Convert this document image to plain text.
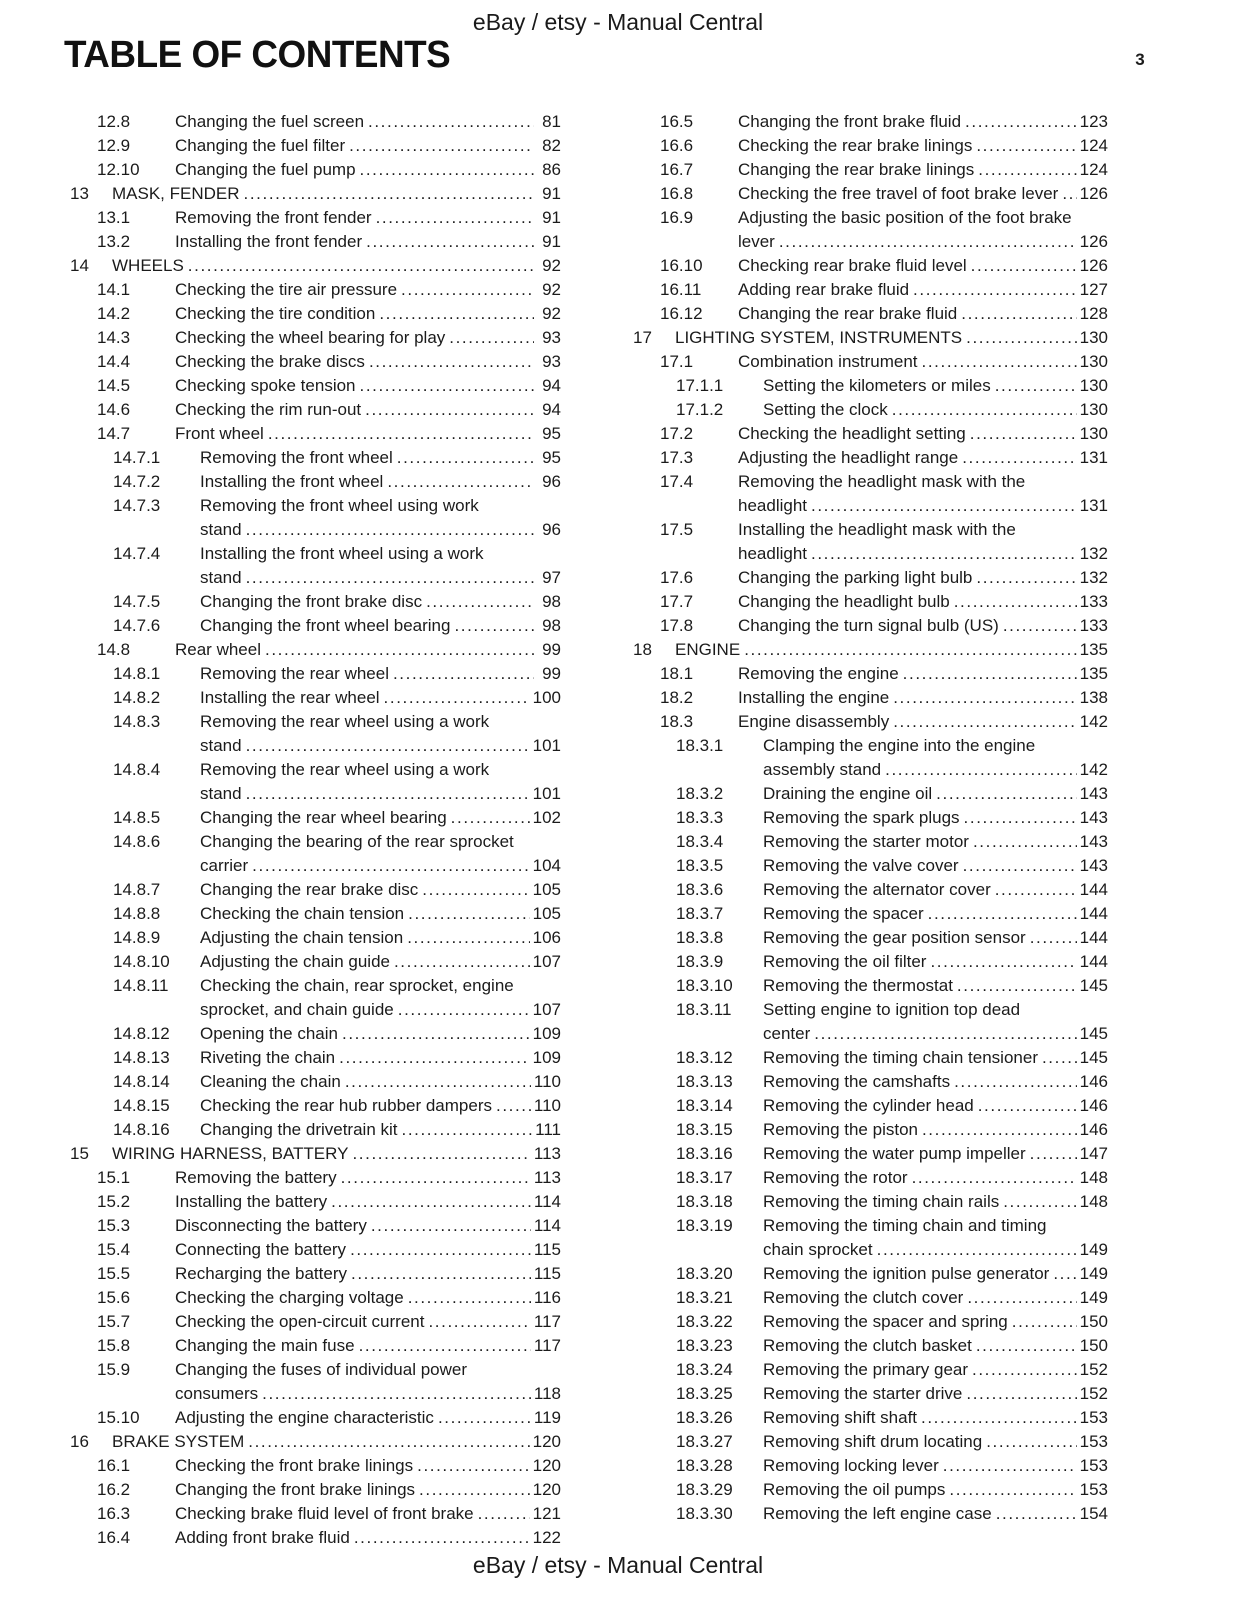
eBay / etsy - Manual Central
TABLE OF CONTENTS	3
12.8	Changing the fuel screen .....	81
12.9	Changing the fuel filter .....	82
12.10	Changing the fuel pump .....	86
13	MASK, FENDER .....	91
13.1	Removing the front fender .....	91
13.2	Installing the front fender .....	91
14	WHEELS .....	92
14.1	Checking the tire air pressure .....	92
14.2	Checking the tire condition .....	92
14.3	Checking the wheel bearing for play .....	93
14.4	Checking the brake discs .....	93
14.5	Checking spoke tension .....	94
14.6	Checking the rim run-out .....	94
14.7	Front wheel .....	95
14.7.1	Removing the front wheel .....	95
14.7.2	Installing the front wheel .....	96
14.7.3	Removing the front wheel using work
stand .....	96
14.7.4	Installing the front wheel using a work
stand .....	97
14.7.5	Changing the front brake disc .....	98
14.7.6	Changing the front wheel bearing .....	98
14.8	Rear wheel .....	99
14.8.1	Removing the rear wheel .....	99
14.8.2	Installing the rear wheel .....	100
14.8.3	Removing the rear wheel using a work
stand .....	101
14.8.4	Removing the rear wheel using a work
stand .....	101
14.8.5	Changing the rear wheel bearing .....	102
14.8.6	Changing the bearing of the rear sprocket
carrier .....	104
14.8.7	Changing the rear brake disc .....	105
14.8.8	Checking the chain tension .....	105
14.8.9	Adjusting the chain tension .....	106
14.8.10	Adjusting the chain guide .....	107
14.8.11	Checking the chain, rear sprocket, engine
sprocket, and chain guide .....	107
14.8.12	Opening the chain .....	109
14.8.13	Riveting the chain .....	109
14.8.14	Cleaning the chain .....	110
14.8.15	Checking the rear hub rubber dampers ..... 110
14.8.16	Changing the drivetrain kit .....	111
15	WIRING HARNESS, BATTERY .....	113
15.1	Removing the battery .....	113
15.2	Installing the battery .....	114
15.3	Disconnecting the battery .....	114
15.4	Connecting the battery .....	115
15.5	Recharging the battery .....	115
15.6	Checking the charging voltage .....	116
15.7	Checking the open-circuit current .....	117
15.8	Changing the main fuse .....	117
15.9	Changing the fuses of individual power
consumers .....	118
15.10	Adjusting the engine characteristic .....	119
16	BRAKE SYSTEM .....	120
16.1	Checking the front brake linings .....	120
16.2	Changing the front brake linings .....	120
16.3	Checking brake fluid level of front brake .....	121
16.4	Adding front brake fluid .....	122
16.5	Changing the front brake fluid .....	123
16.6	Checking the rear brake linings .....	124
16.7	Changing the rear brake linings .....	124
16.8	Checking the free travel of foot brake lever ..... 126
16.9	Adjusting the basic position of the foot brake
lever .....	126
16.10	Checking rear brake fluid level .....	126
16.11	Adding rear brake fluid .....	127
16.12	Changing the rear brake fluid .....	128
17	LIGHTING SYSTEM, INSTRUMENTS .....	130
17.1	Combination instrument .....	130
17.1.1	Setting the kilometers or miles .....	130
17.1.2	Setting the clock .....	130
17.2	Checking the headlight setting .....	130
17.3	Adjusting the headlight range .....	131
17.4	Removing the headlight mask with the
headlight .....	131
17.5	Installing the headlight mask with the
headlight .....	132
17.6	Changing the parking light bulb .....	132
17.7	Changing the headlight bulb .....	133
17.8	Changing the turn signal bulb (US) .....	133
18	ENGINE .....	135
18.1	Removing the engine .....	135
18.2	Installing the engine .....	138
18.3	Engine disassembly .....	142
18.3.1	Clamping the engine into the engine
assembly stand .....	142
18.3.2	Draining the engine oil .....	143
18.3.3	Removing the spark plugs .....	143
18.3.4	Removing the starter motor .....	143
18.3.5	Removing the valve cover .....	143
18.3.6	Removing the alternator cover .....	144
18.3.7	Removing the spacer .....	144
18.3.8	Removing the gear position sensor .....	144
18.3.9	Removing the oil filter .....	144
18.3.10	Removing the thermostat .....	145
18.3.11	Setting engine to ignition top dead
center .....	145
18.3.12	Removing the timing chain tensioner ..... 145
18.3.13	Removing the camshafts .....	146
18.3.14	Removing the cylinder head .....	146
18.3.15	Removing the piston .....	146
18.3.16	Removing the water pump impeller .....	147
18.3.17	Removing the rotor .....	148
18.3.18	Removing the timing chain rails .....	148
18.3.19	Removing the timing chain and timing
chain sprocket .....	149
18.3.20	Removing the ignition pulse generator ..... 149
18.3.21	Removing the clutch cover .....	149
18.3.22	Removing the spacer and spring .....	150
18.3.23	Removing the clutch basket .....	150
18.3.24	Removing the primary gear .....	152
18.3.25	Removing the starter drive .....	152
18.3.26	Removing shift shaft .....	153
18.3.27	Removing shift drum locating .....	153
18.3.28	Removing locking lever .....	153
18.3.29	Removing the oil pumps .....	153
18.3.30	Removing the left engine case .....	154
eBay / etsy - Manual Central
